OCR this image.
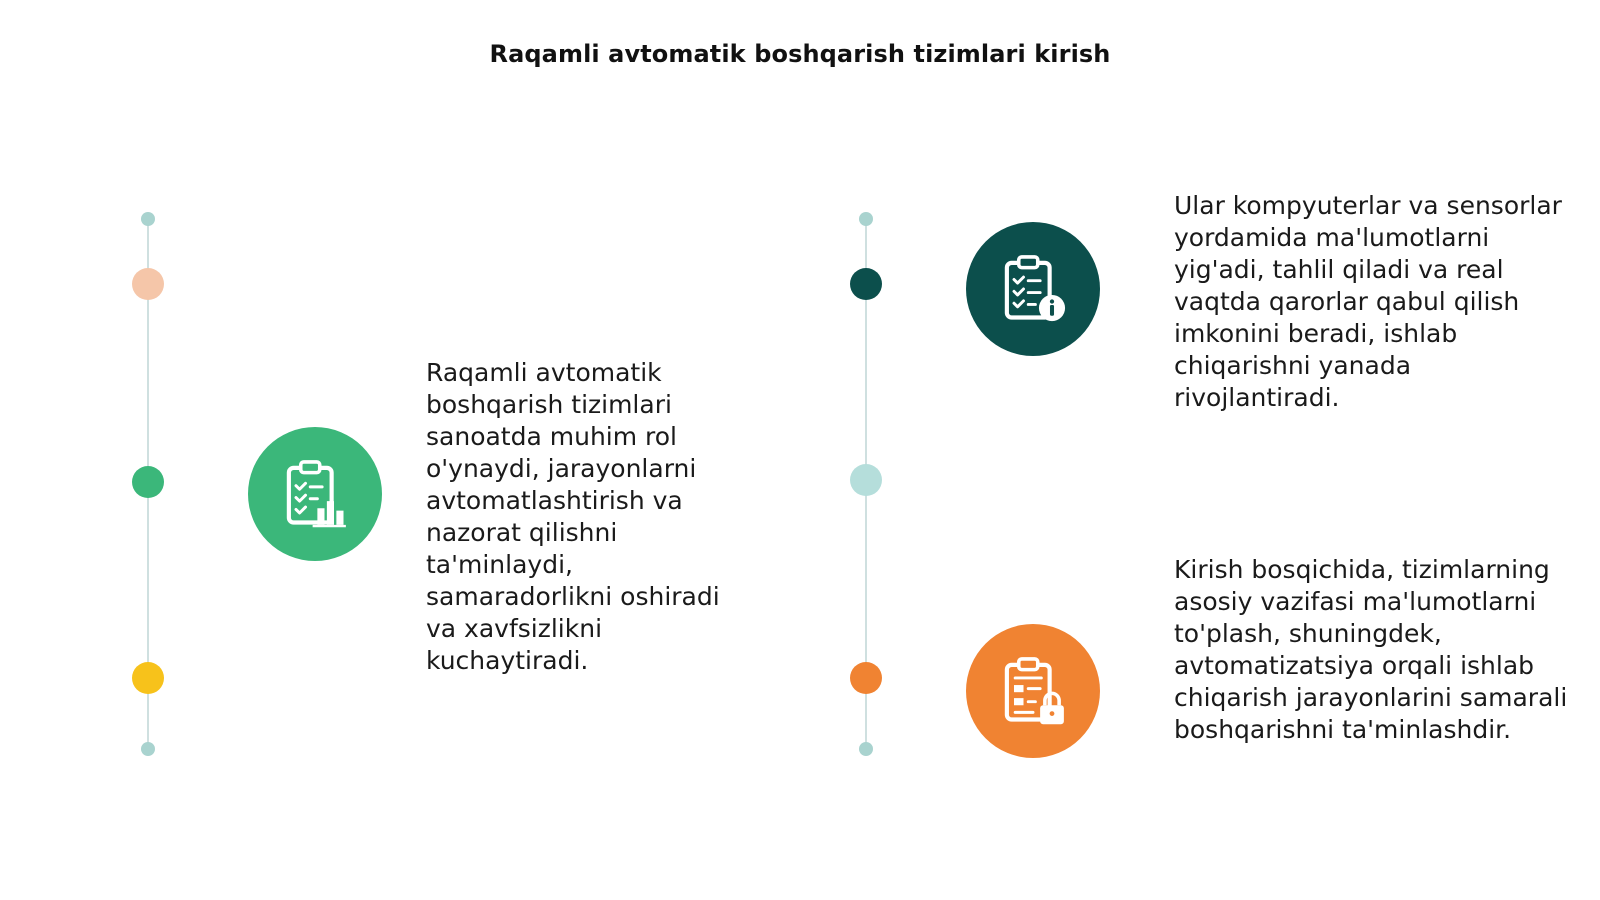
Raqamli avtomatik boshqarish tizimlari kirish
Raqamli avtomatik boshqarish tizimlari sanoatda muhim rol o'ynaydi, jarayonlarni avtomatlashtirish va nazorat qilishni ta'minlaydi, samaradorlikni oshiradi va xavfsizlikni kuchaytiradi.
Ular kompyuterlar va sensorlar yordamida ma'lumotlarni yig'adi, tahlil qiladi va real vaqtda qarorlar qabul qilish imkonini beradi, ishlab chiqarishni yanada rivojlantiradi.
Kirish bosqichida, tizimlarning asosiy vazifasi ma'lumotlarni to'plash, shuningdek, avtomatizatsiya orqali ishlab chiqarish jarayonlarini samarali boshqarishni ta'minlashdir.
